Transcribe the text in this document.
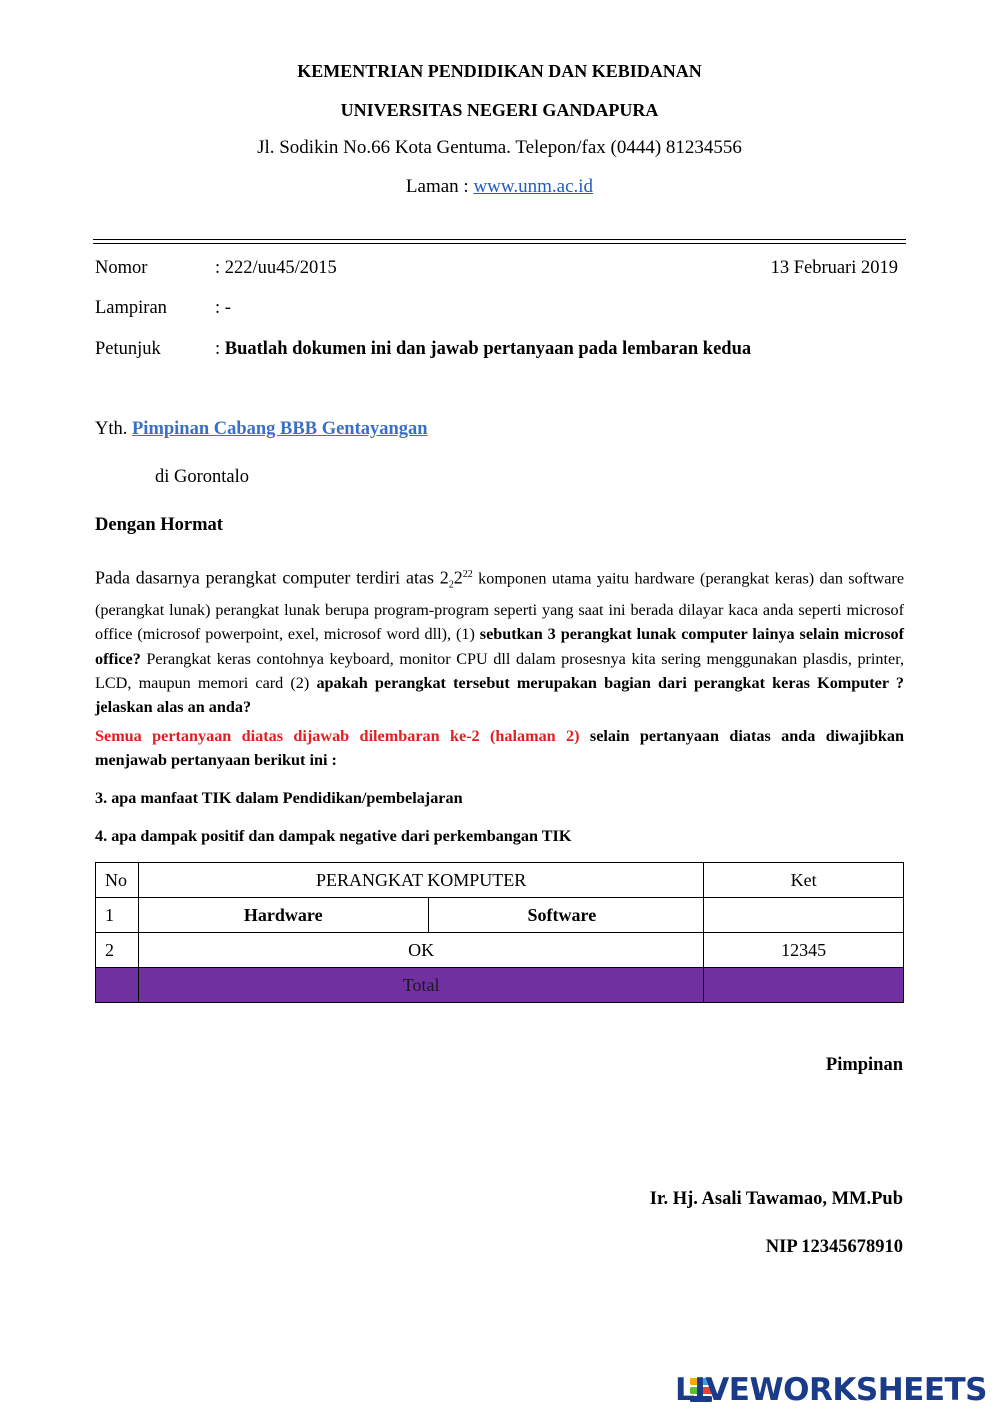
KEMENTRIAN PENDIDIKAN DAN KEBIDANAN
UNIVERSITAS NEGERI GANDAPURA
Jl. Sodikin No.66 Kota Gentuma. Telepon/fax (0444) 81234556
Laman : www.unm.ac.id
Nomor	: 222/uu45/2015	13 Februari 2019
Lampiran	: -
Petunjuk	: Buatlah dokumen ini dan jawab pertanyaan pada lembaran kedua
Yth. Pimpinan Cabang BBB Gentayangan
di Gorontalo
Dengan Hormat
Pada dasarnya perangkat computer terdiri atas $2_22^{22}$ komponen utama yaitu hardware (perangkat keras) dan software (perangkat lunak) perangkat lunak berupa program-program seperti yang saat ini berada dilayar kaca anda seperti microsof office (microsof powerpoint, exel, microsof word dll), (1) sebutkan 3 perangkat lunak computer lainya selain microsof office? Perangkat keras contohnya keyboard, monitor CPU dll dalam prosesnya kita sering menggunakan plasdis, printer, LCD, maupun memori card (2) apakah perangkat tersebut merupakan bagian dari perangkat keras Komputer ? jelaskan alas an anda?
Semua pertanyaan diatas dijawab dilembaran ke-2 (halaman 2) selain pertanyaan diatas anda diwajibkan menjawab pertanyaan berikut ini :
3. apa manfaat TIK dalam Pendidikan/pembelajaran
4. apa dampak positif dan dampak negative dari perkembangan TIK
No	PERANGKAT KOMPUTER		Ket
1	Hardware	Software	
2	OK		12345
	Total		
Pimpinan
Ir. Hj. Asali Tawamao, MM.Pub
NIP 12345678910
LIVEWORKSHEETS
